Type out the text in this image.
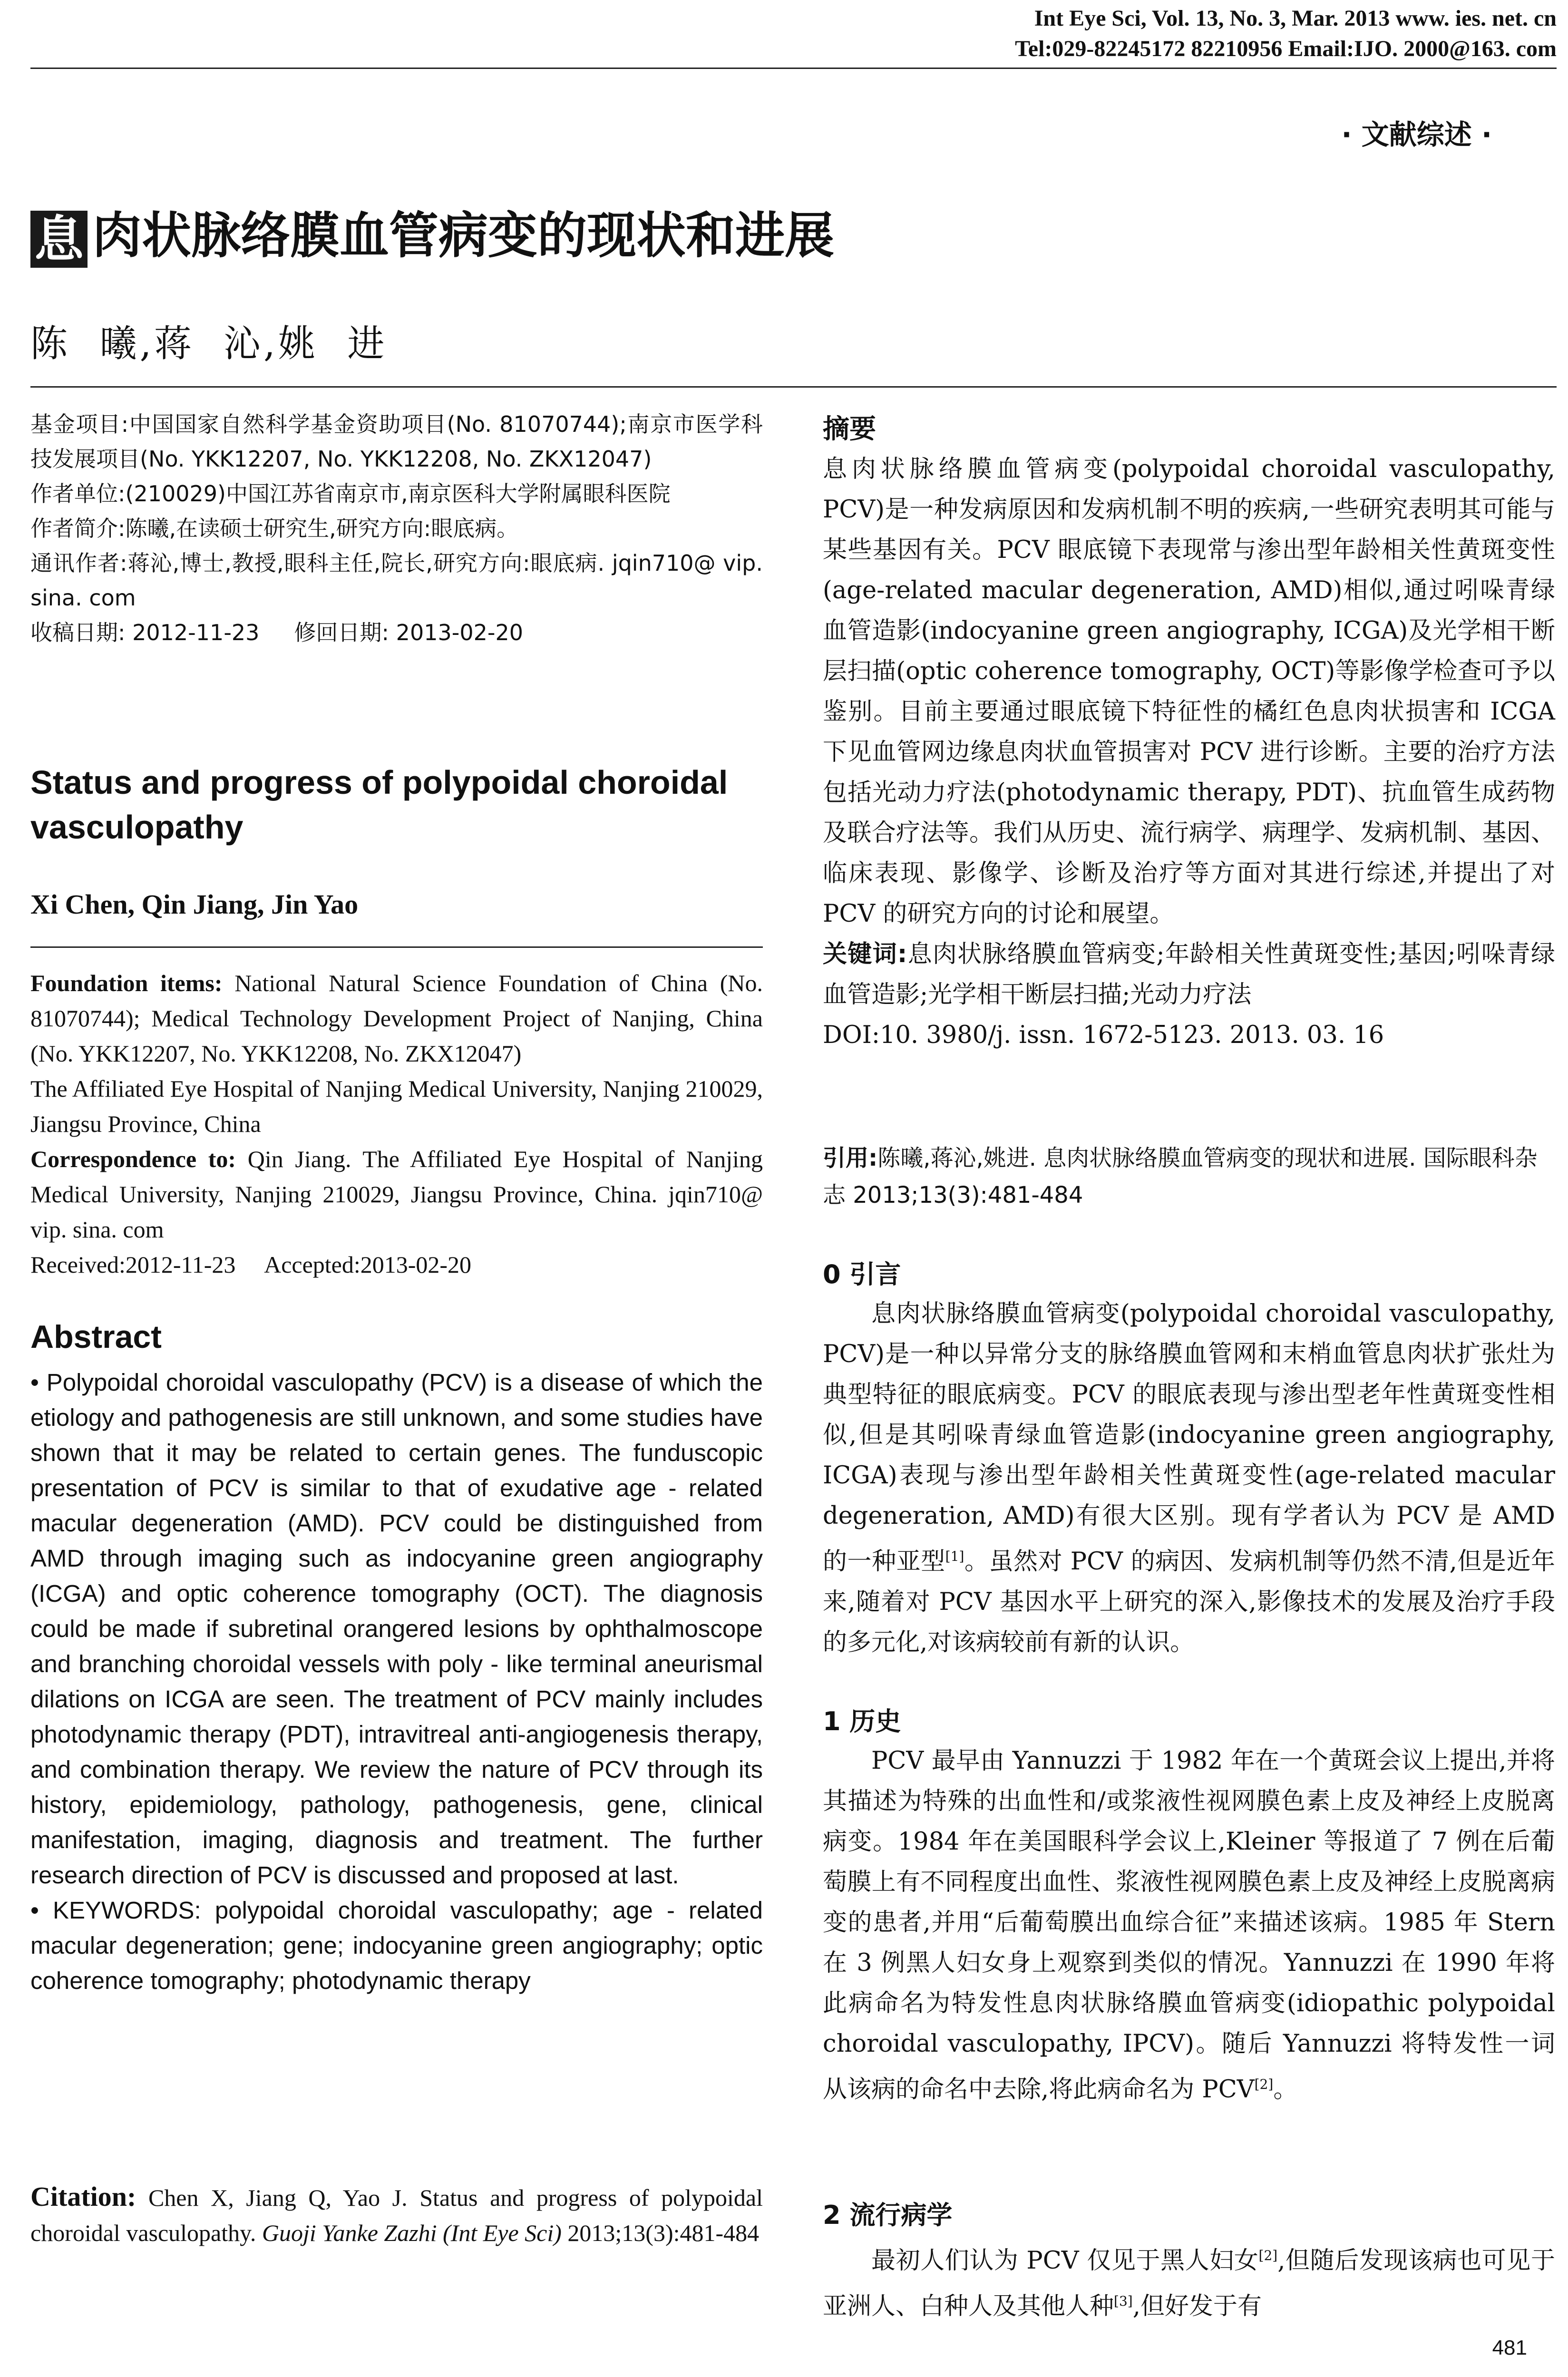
Int Eye Sci, Vol. 13, No. 3, Mar. 2013 www. ies. net. cn
Tel:029-82245172 82210956 Email:IJO. 2000@163. com
· 文献综述 ·
息 肉状脉络膜血管病变的现状和进展
陈  曦,蒋  沁,姚  进
基金项目:中国国家自然科学基金资助项目(No. 81070744);南京市医学科技发展项目(No. YKK12207, No. YKK12208, No. ZKX12047)
作者单位:(210029)中国江苏省南京市,南京医科大学附属眼科医院
作者简介:陈曦,在读硕士研究生,研究方向:眼底病。
通讯作者:蒋沁,博士,教授,眼科主任,院长,研究方向:眼底病. jqin710@ vip. sina. com
收稿日期: 2012-11-23     修回日期: 2013-02-20
Status and progress of polypoidal choroidal vasculopathy
Xi Chen, Qin Jiang, Jin Yao
Foundation items: National Natural Science Foundation of China (No. 81070744); Medical Technology Development Project of Nanjing, China (No. YKK12207, No. YKK12208, No. ZKX12047)
The Affiliated Eye Hospital of Nanjing Medical University, Nanjing 210029, Jiangsu Province, China
Correspondence to: Qin Jiang. The Affiliated Eye Hospital of Nanjing Medical University, Nanjing 210029, Jiangsu Province, China. jqin710@ vip. sina. com
Received:2012-11-23     Accepted:2013-02-20
Abstract
• Polypoidal choroidal vasculopathy (PCV) is a disease of which the etiology and pathogenesis are still unknown, and some studies have shown that it may be related to certain genes. The funduscopic presentation of PCV is similar to that of exudative age - related macular degeneration (AMD). PCV could be distinguished from AMD through imaging such as indocyanine green angiography (ICGA) and optic coherence tomography (OCT). The diagnosis could be made if subretinal orangered lesions by ophthalmoscope and branching choroidal vessels with poly - like terminal aneurismal dilations on ICGA are seen. The treatment of PCV mainly includes photodynamic therapy (PDT), intravitreal anti-angiogenesis therapy, and combination therapy. We review the nature of PCV through its history, epidemiology, pathology, pathogenesis, gene, clinical manifestation, imaging, diagnosis and treatment. The further research direction of PCV is discussed and proposed at last.
• KEYWORDS: polypoidal choroidal vasculopathy; age - related macular degeneration; gene; indocyanine green angiography; optic coherence tomography; photodynamic therapy
Citation: Chen X, Jiang Q, Yao J. Status and progress of polypoidal choroidal vasculopathy. Guoji Yanke Zazhi (Int Eye Sci) 2013;13(3):481-484
摘要
息肉状脉络膜血管病变(polypoidal choroidal vasculopathy, PCV)是一种发病原因和发病机制不明的疾病,一些研究表明其可能与某些基因有关。PCV 眼底镜下表现常与渗出型年龄相关性黄斑变性(age-related macular degeneration, AMD)相似,通过吲哚青绿血管造影(indocyanine green angiography, ICGA)及光学相干断层扫描(optic coherence tomography, OCT)等影像学检查可予以鉴别。目前主要通过眼底镜下特征性的橘红色息肉状损害和 ICGA 下见血管网边缘息肉状血管损害对 PCV 进行诊断。主要的治疗方法包括光动力疗法(photodynamic therapy, PDT)、抗血管生成药物及联合疗法等。我们从历史、流行病学、病理学、发病机制、基因、临床表现、影像学、诊断及治疗等方面对其进行综述,并提出了对 PCV 的研究方向的讨论和展望。
关键词:息肉状脉络膜血管病变;年龄相关性黄斑变性;基因;吲哚青绿血管造影;光学相干断层扫描;光动力疗法
DOI:10. 3980/j. issn. 1672-5123. 2013. 03. 16
引用:陈曦,蒋沁,姚进. 息肉状脉络膜血管病变的现状和进展. 国际眼科杂志 2013;13(3):481-484
0 引言
息肉状脉络膜血管病变(polypoidal choroidal vasculopathy, PCV)是一种以异常分支的脉络膜血管网和末梢血管息肉状扩张灶为典型特征的眼底病变。PCV 的眼底表现与渗出型老年性黄斑变性相似,但是其吲哚青绿血管造影(indocyanine green angiography, ICGA)表现与渗出型年龄相关性黄斑变性(age-related macular degeneration, AMD)有很大区别。现有学者认为 PCV 是 AMD 的一种亚型[1]。虽然对 PCV 的病因、发病机制等仍然不清,但是近年来,随着对 PCV 基因水平上研究的深入,影像技术的发展及治疗手段的多元化,对该病较前有新的认识。
1 历史
PCV 最早由 Yannuzzi 于 1982 年在一个黄斑会议上提出,并将其描述为特殊的出血性和/或浆液性视网膜色素上皮及神经上皮脱离病变。1984 年在美国眼科学会议上,Kleiner 等报道了 7 例在后葡萄膜上有不同程度出血性、浆液性视网膜色素上皮及神经上皮脱离病变的患者,并用“后葡萄膜出血综合征”来描述该病。1985 年 Stern 在 3 例黑人妇女身上观察到类似的情况。Yannuzzi 在 1990 年将此病命名为特发性息肉状脉络膜血管病变(idiopathic polypoidal choroidal vasculopathy, IPCV)。随后 Yannuzzi 将特发性一词从该病的命名中去除,将此病命名为 PCV[2]。
2 流行病学
最初人们认为 PCV 仅见于黑人妇女[2],但随后发现该病也可见于亚洲人、白种人及其他人种[3],但好发于有
481
